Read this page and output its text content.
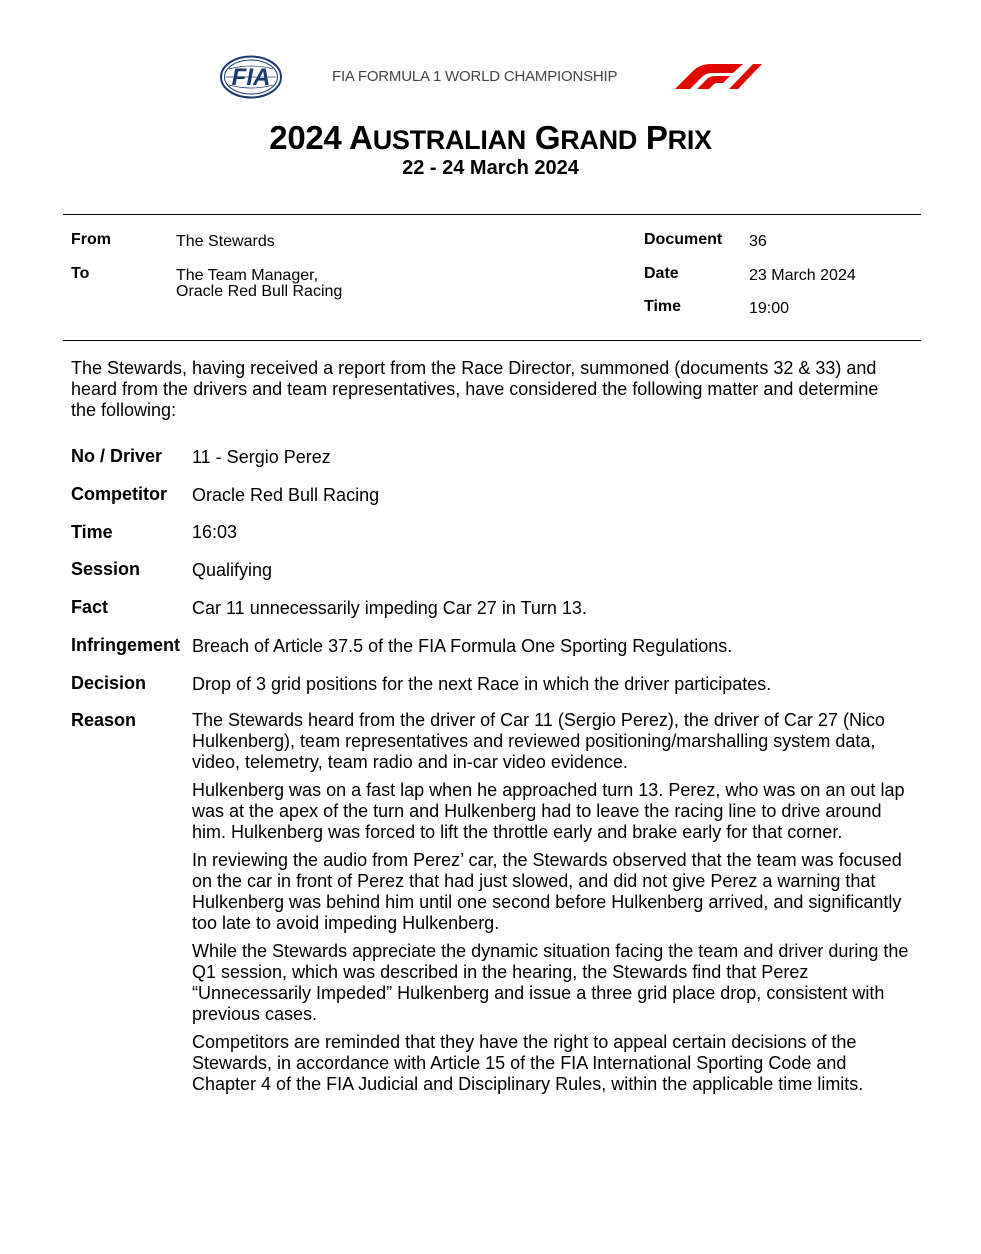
FIA	FIA FORMULA 1 WORLD CHAMPIONSHIP
2024 AUSTRALIAN GRAND PRIX
22 - 24 March 2024
From	The Stewards
To	The Team Manager,
Oracle Red Bull Racing
Document 36
Date	23 March 2024
Time	19:00
The Stewards, having received a report from the Race Director, summoned (documents 32 & 33) and heard from the drivers and team representatives, have considered the following matter and determine the following:
No / Driver 11 - Sergio Perez
Competitor Oracle Red Bull Racing
Time	16:03
Session	Qualifying
Fact	Car 11 unnecessarily impeding Car 27 in Turn 13.
Infringement Breach of Article 37.5 of the FIA Formula One Sporting Regulations.
Decision	Drop of 3 grid positions for the next Race in which the driver participates.
Reason	The Stewards heard from the driver of Car 11 (Sergio Perez), the driver of Car 27 (Nico Hulkenberg), team representatives and reviewed positioning/marshalling system data, video, telemetry, team radio and in-car video evidence.

Hulkenberg was on a fast lap when he approached turn 13. Perez, who was on an out lap was at the apex of the turn and Hulkenberg had to leave the racing line to drive around him. Hulkenberg was forced to lift the throttle early and brake early for that corner.

In reviewing the audio from Perez’ car, the Stewards observed that the team was focused on the car in front of Perez that had just slowed, and did not give Perez a warning that Hulkenberg was behind him until one second before Hulkenberg arrived, and significantly too late to avoid impeding Hulkenberg.

While the Stewards appreciate the dynamic situation facing the team and driver during the Q1 session, which was described in the hearing, the Stewards find that Perez “Unnecessarily Impeded” Hulkenberg and issue a three grid place drop, consistent with previous cases.

Competitors are reminded that they have the right to appeal certain decisions of the Stewards, in accordance with Article 15 of the FIA International Sporting Code and Chapter 4 of the FIA Judicial and Disciplinary Rules, within the applicable time limits.
